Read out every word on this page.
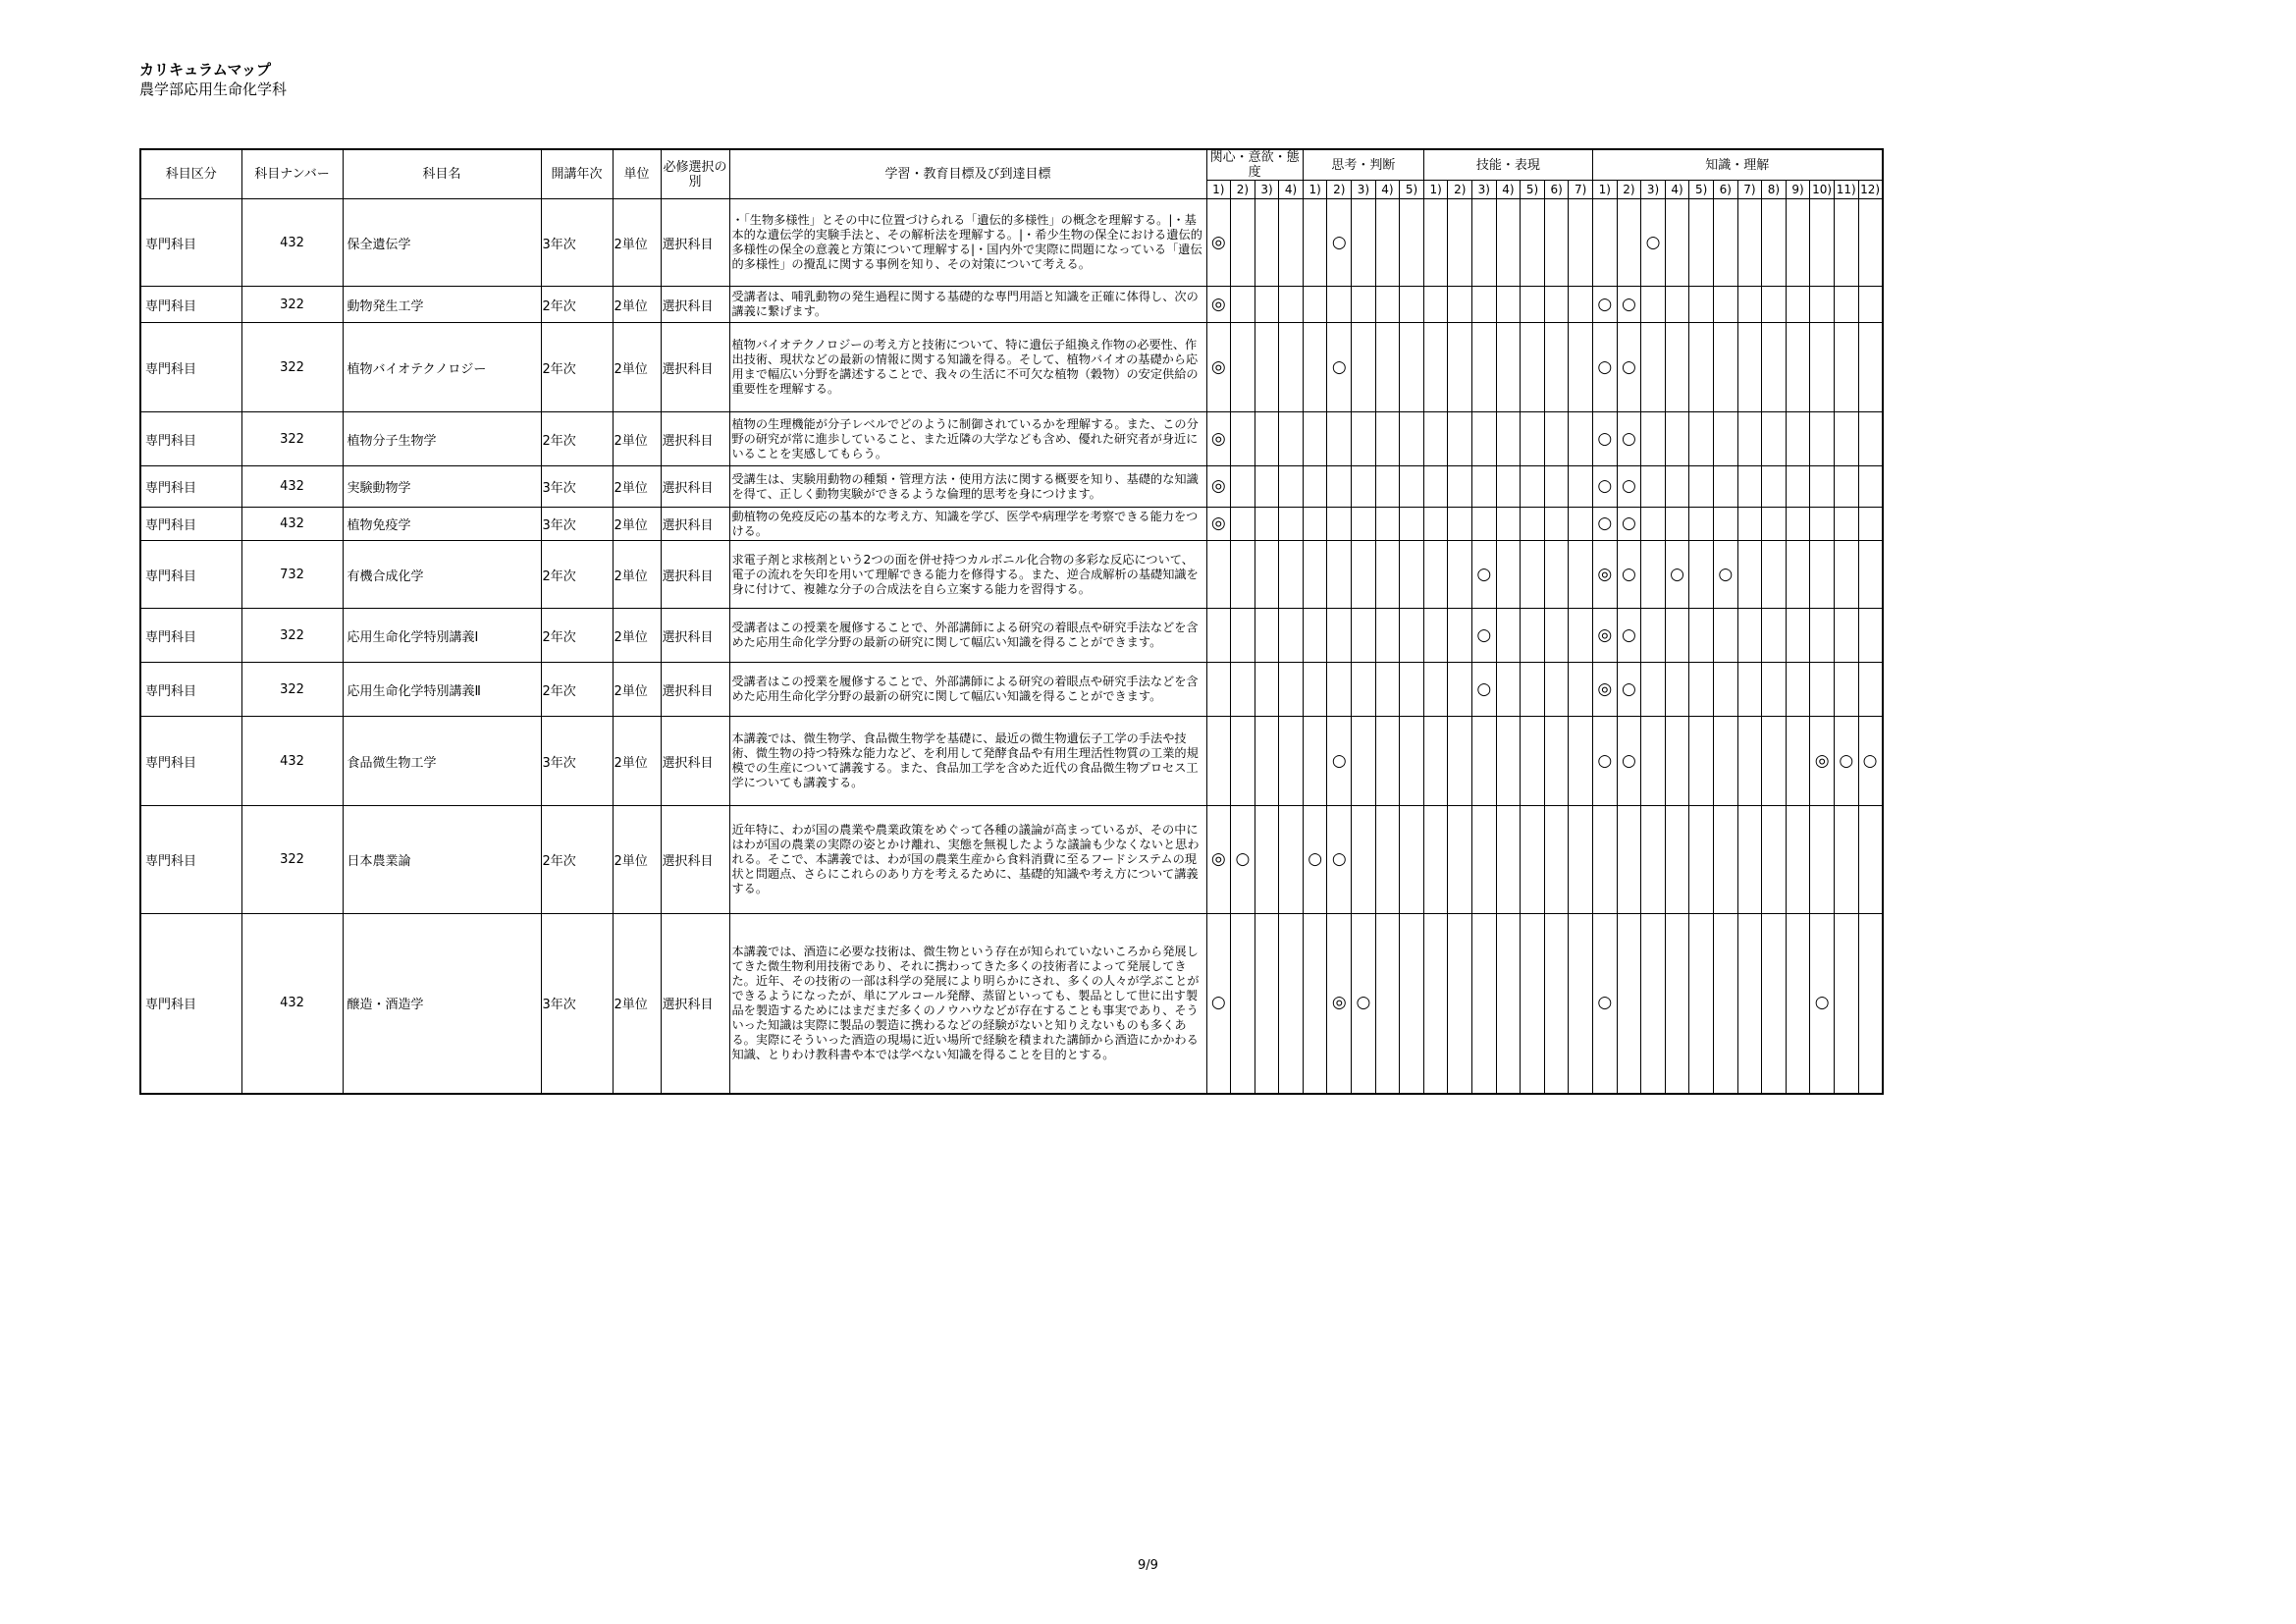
カリキュラムマップ
農学部応用生命化学科
科目区分	科目ナンバー	科目名	開講年次	単位	必修選択の別	学習・教育目標及び到達目標	関心・意欲・態度				思考・判断					技能・表現							知識・理解											
							1)	2)	3)	4)	1)	2)	3)	4)	5)	1)	2)	3)	4)	5)	6)	7)	1)	2)	3)	4)	5)	6)	7)	8)	9)	10)	11)	12)
専門科目	432	保全遺伝学	3年次	2単位	選択科目	・「生物多様性」とその中に位置づけられる「遺伝的多様性」の概念を理解する。|・基本的な遺伝学的実験手法と、その解析法を理解する。|・希少生物の保全における遺伝的多様性の保全の意義と方策について理解する|・国内外で実際に問題になっている「遺伝的多様性」の攪乱に関する事例を知り、その対策について考える。	◎					○													○									
専門科目	322	動物発生工学	2年次	2単位	選択科目	受講者は、哺乳動物の発生過程に関する基礎的な専門用語と知識を正確に体得し、次の講義に繋げます。	◎																○	○										
専門科目	322	植物バイオテクノロジー	2年次	2単位	選択科目	植物バイオテクノロジーの考え方と技術について、特に遺伝子組換え作物の必要性、作出技術、現状などの最新の情報に関する知識を得る。そして、植物バイオの基礎から応用まで幅広い分野を講述することで、我々の生活に不可欠な植物（穀物）の安定供給の重要性を理解する。	◎					○											○	○										
専門科目	322	植物分子生物学	2年次	2単位	選択科目	植物の生理機能が分子レベルでどのように制御されているかを理解する。また、この分野の研究が常に進歩していること、また近隣の大学なども含め、優れた研究者が身近にいることを実感してもらう。	◎																○	○										
専門科目	432	実験動物学	3年次	2単位	選択科目	受講生は、実験用動物の種類・管理方法・使用方法に関する概要を知り、基礎的な知識を得て、正しく動物実験ができるような倫理的思考を身につけます。	◎																○	○										
専門科目	432	植物免疫学	3年次	2単位	選択科目	動植物の免疫反応の基本的な考え方、知識を学び、医学や病理学を考察できる能力をつける。	◎																○	○										
専門科目	732	有機合成化学	2年次	2単位	選択科目	求電子剤と求核剤という2つの面を併せ持つカルボニル化合物の多彩な反応について、電子の流れを矢印を用いて理解できる能力を修得する。また、逆合成解析の基礎知識を身に付けて、複雑な分子の合成法を自ら立案する能力を習得する。												○					◎	○		○		○						
専門科目	322	応用生命化学特別講義Ⅰ	2年次	2単位	選択科目	受講者はこの授業を履修することで、外部講師による研究の着眼点や研究手法などを含めた応用生命化学分野の最新の研究に関して幅広い知識を得ることができます。												○					◎	○										
専門科目	322	応用生命化学特別講義Ⅱ	2年次	2単位	選択科目	受講者はこの授業を履修することで、外部講師による研究の着眼点や研究手法などを含めた応用生命化学分野の最新の研究に関して幅広い知識を得ることができます。												○					◎	○										
専門科目	432	食品微生物工学	3年次	2単位	選択科目	本講義では、微生物学、食品微生物学を基礎に、最近の微生物遺伝子工学の手法や技術、微生物の持つ特殊な能力など、を利用して発酵食品や有用生理活性物質の工業的規模での生産について講義する。また、食品加工学を含めた近代の食品微生物プロセス工学についても講義する。						○											○	○								◎	○	○
専門科目	322	日本農業論	2年次	2単位	選択科目	近年特に、わが国の農業や農業政策をめぐって各種の議論が高まっているが、その中にはわが国の農業の実際の姿とかけ離れ、実態を無視したような議論も少なくないと思われる。そこで、本講義では、わが国の農業生産から食料消費に至るフードシステムの現状と問題点、さらにこれらのあり方を考えるために、基礎的知識や考え方について講義する。	◎	○			○	○																						
専門科目	432	醸造・酒造学	3年次	2単位	選択科目	本講義では、酒造に必要な技術は、微生物という存在が知られていないころから発展してきた微生物利用技術であり、それに携わってきた多くの技術者によって発展してきた。近年、その技術の一部は科学の発展により明らかにされ、多くの人々が学ぶことができるようになったが、単にアルコール発酵、蒸留といっても、製品として世に出す製品を製造するためにはまだまだ多くのノウハウなどが存在することも事実であり、そういった知識は実際に製品の製造に携わるなどの経験がないと知りえないものも多くある。実際にそういった酒造の現場に近い場所で経験を積まれた講師から酒造にかかわる知識、とりわけ教科書や本では学べない知識を得ることを目的とする。	○					◎	○										○									○		
9/9
